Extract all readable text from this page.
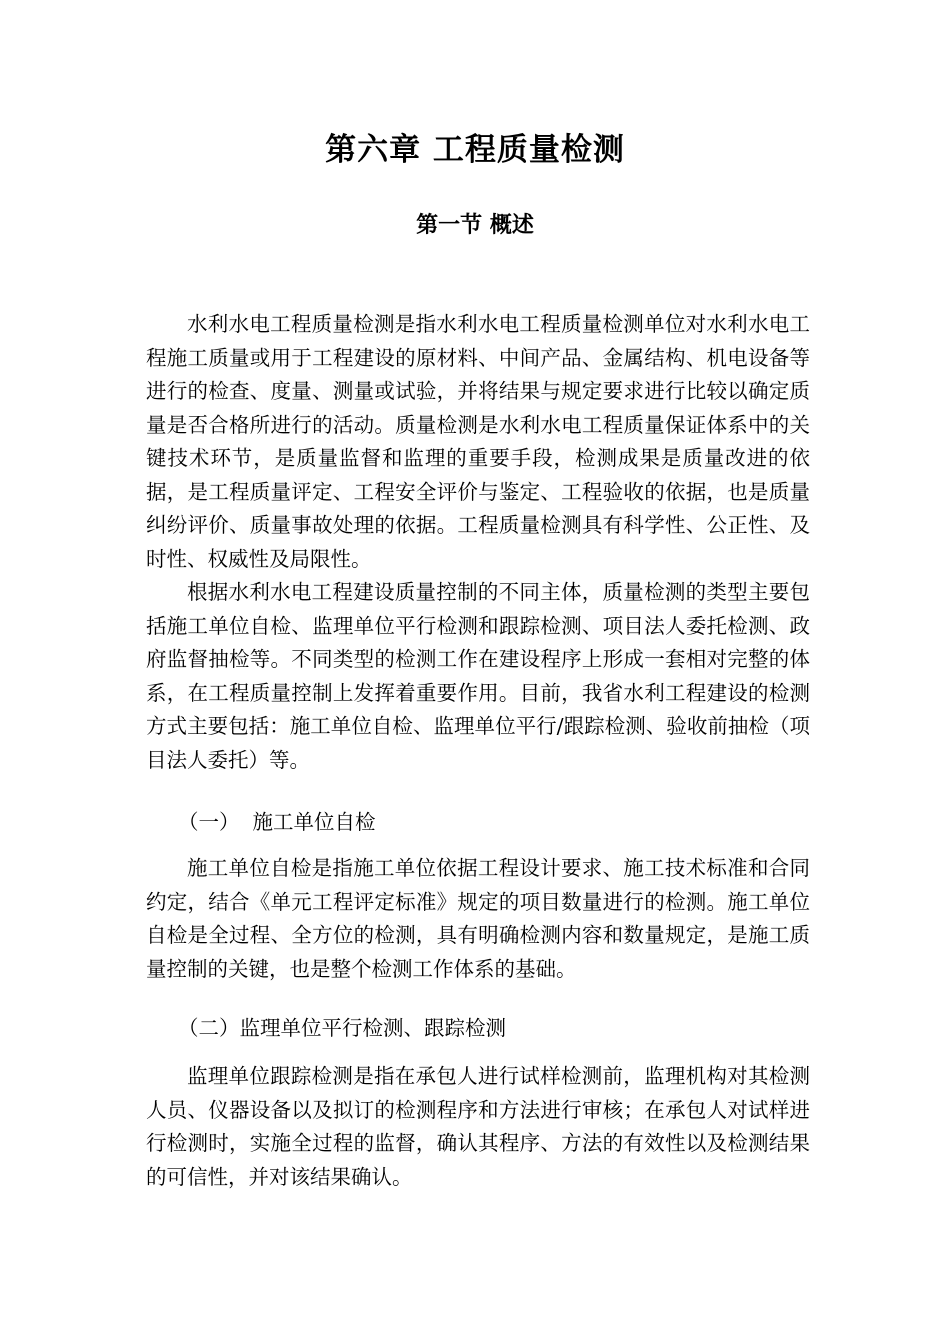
第六章 工程质量检测
第一节 概述

水利水电工程质量检测是指水利水电工程质量检测单位对水利水电工程施工质量或用于工程建设的原材料、中间产品、金属结构、机电设备等进行的检查、度量、测量或试验，并将结果与规定要求进行比较以确定质量是否合格所进行的活动。质量检测是水利水电工程质量保证体系中的关键技术环节，是质量监督和监理的重要手段，检测成果是质量改进的依据，是工程质量评定、工程安全评价与鉴定、工程验收的依据，也是质量纠纷评价、质量事故处理的依据。工程质量检测具有科学性、公正性、及时性、权威性及局限性。

根据水利水电工程建设质量控制的不同主体，质量检测的类型主要包括施工单位自检、监理单位平行检测和跟踪检测、项目法人委托检测、政府监督抽检等。不同类型的检测工作在建设程序上形成一套相对完整的体系，在工程质量控制上发挥着重要作用。目前，我省水利工程建设的检测方式主要包括：施工单位自检、监理单位平行/跟踪检测、验收前抽检（项目法人委托）等。

（一）  施工单位自检

施工单位自检是指施工单位依据工程设计要求、施工技术标准和合同约定，结合《单元工程评定标准》规定的项目数量进行的检测。施工单位自检是全过程、全方位的检测，具有明确检测内容和数量规定，是施工质量控制的关键，也是整个检测工作体系的基础。

（二）监理单位平行检测、跟踪检测

监理单位跟踪检测是指在承包人进行试样检测前，监理机构对其检测人员、仪器设备以及拟订的检测程序和方法进行审核；在承包人对试样进行检测时，实施全过程的监督，确认其程序、方法的有效性以及检测结果的可信性，并对该结果确认。
